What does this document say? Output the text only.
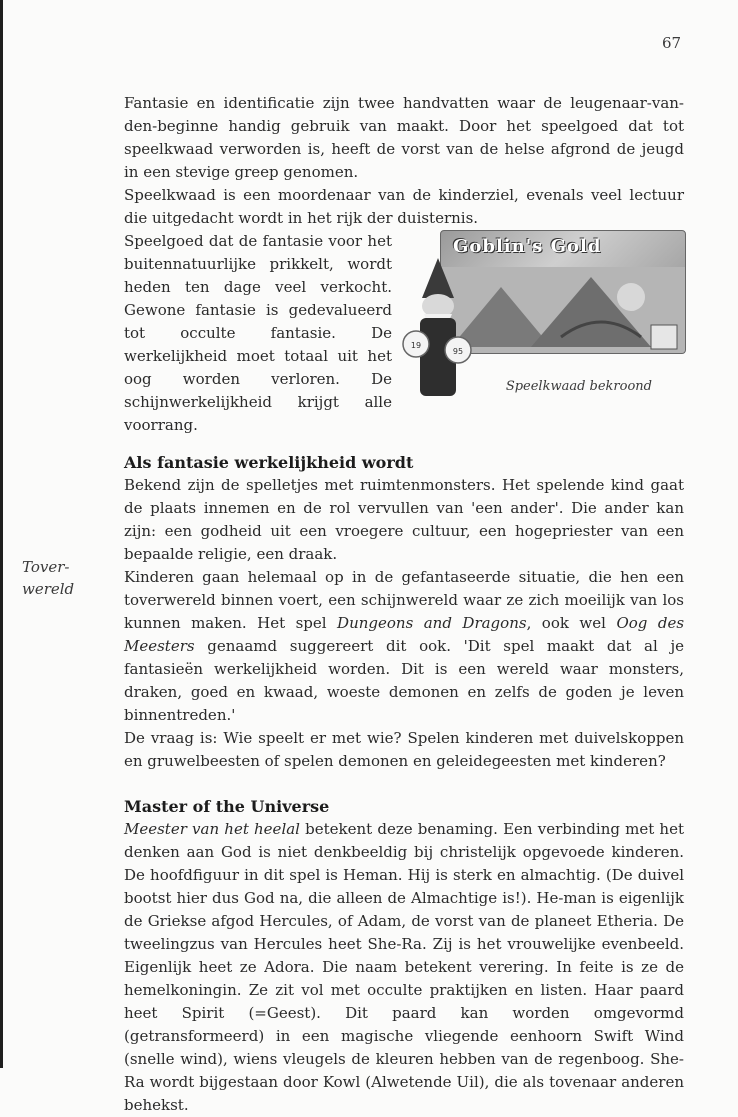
67
Tover-
wereld

Fantasie en identificatie zijn twee handvatten waar de leugenaar-van-den-beginne handig gebruik van maakt. Door het speelgoed dat tot speelkwaad verworden is, heeft de vorst van de helse afgrond de jeugd in een stevige greep genomen.

Speelkwaad is een moordenaar van de kinderziel, evenals veel lectuur die uitgedacht wordt in het rijk der duisternis.

Goblin's Gold
19
95
Speelkwaad bekroond

Speelgoed dat de fantasie voor het buitennatuurlijke prikkelt, wordt heden ten dage veel verkocht. Gewone fantasie is gedevalueerd tot occulte fantasie. De werkelijkheid moet totaal uit het oog worden verloren. De schijnwerkelijkheid krijgt alle voorrang.

Als fantasie werkelijkheid wordt

Bekend zijn de spelletjes met ruimtenmonsters. Het spelende kind gaat de plaats innemen en de rol vervullen van 'een ander'. Die ander kan zijn: een godheid uit een vroegere cultuur, een hogepriester van een bepaalde religie, een draak.

Kinderen gaan helemaal op in de gefantaseerde situatie, die hen een toverwereld binnen voert, een schijnwereld waar ze zich moeilijk van los kunnen maken. Het spel Dungeons and Dragons, ook wel Oog des Meesters genaamd suggereert dit ook. 'Dit spel maakt dat al je fantasieën werkelijkheid worden. Dit is een wereld waar monsters, draken, goed en kwaad, woeste demonen en zelfs de goden je leven binnentreden.'

De vraag is: Wie speelt er met wie? Spelen kinderen met duivelskoppen en gruwelbeesten of spelen demonen en geleidegeesten met kinderen?

Master of the Universe

Meester van het heelal betekent deze benaming. Een verbinding met het denken aan God is niet denkbeeldig bij christelijk opgevoede kinderen. De hoofdfiguur in dit spel is Heman. Hij is sterk en almachtig. (De duivel bootst hier dus God na, die alleen de Almachtige is!). He-man is eigenlijk de Griekse afgod Hercules, of Adam, de vorst van de planeet Etheria. De tweelingzus van Hercules heet She-Ra. Zij is het vrouwelijke evenbeeld. Eigenlijk heet ze Adora. Die naam betekent verering. In feite is ze de hemelkoningin. Ze zit vol met occulte praktijken en listen. Haar paard heet Spirit (=Geest). Dit paard kan worden omgevormd (getransformeerd) in een magische vliegende eenhoorn Swift Wind (snelle wind), wiens vleugels de kleuren hebben van de regenboog. She-Ra wordt bijgestaan door Kowl (Alwetende Uil), die als tovenaar anderen behekst.
